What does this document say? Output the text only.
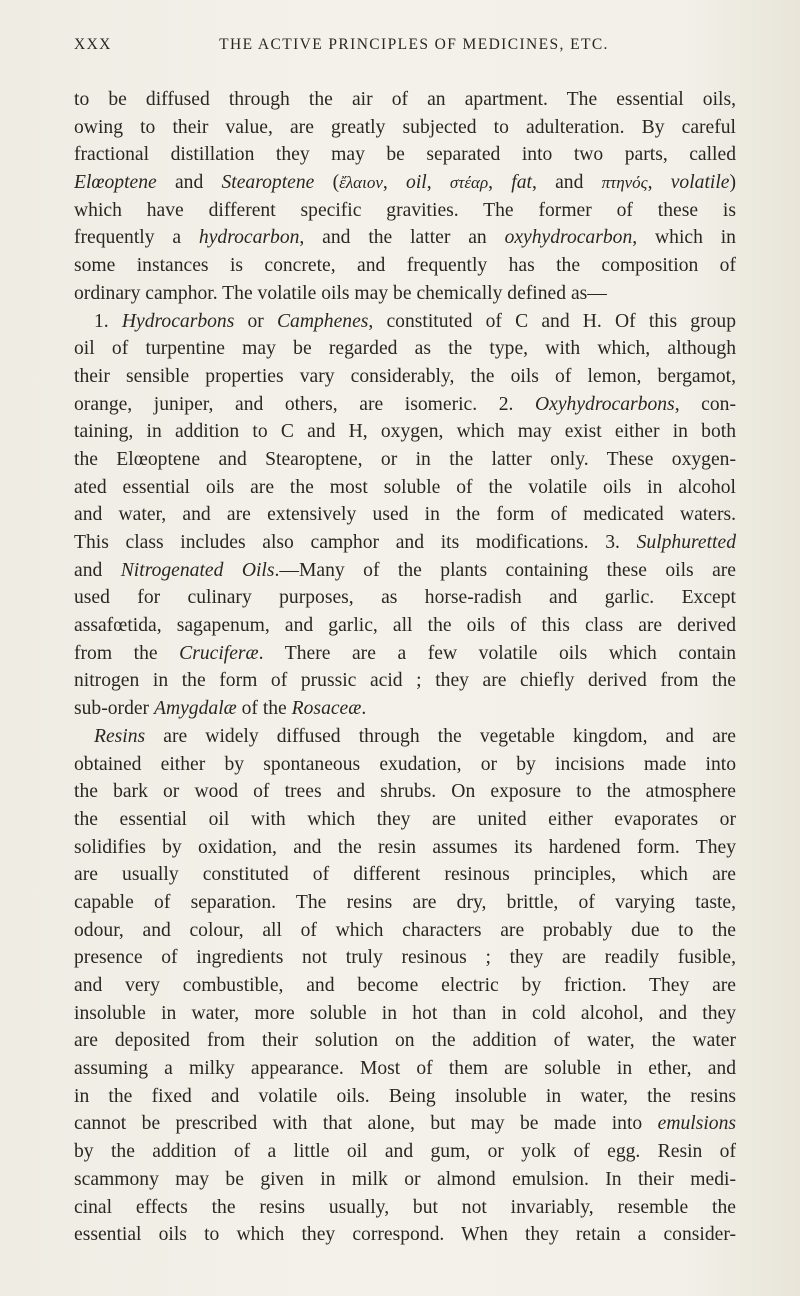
XXX	THE ACTIVE PRINCIPLES OF MEDICINES, ETC.
to be diffused through the air of an apartment. The essential oils,
owing to their value, are greatly subjected to adulteration. By careful
fractional distillation they may be separated into two parts, called
Elœoptene and Stearoptene (ἔλαιον, oil, στέαρ, fat, and πτηνός, volatile)
which have different specific gravities. The former of these is
frequently a hydrocarbon, and the latter an oxyhydrocarbon, which in
some instances is concrete, and frequently has the composition of
ordinary camphor. The volatile oils may be chemically defined as—
1. Hydrocarbons or Camphenes, constituted of C and H. Of this group
oil of turpentine may be regarded as the type, with which, although
their sensible properties vary considerably, the oils of lemon, bergamot,
orange, juniper, and others, are isomeric. 2. Oxyhydrocarbons, con-
taining, in addition to C and H, oxygen, which may exist either in both
the Elœoptene and Stearoptene, or in the latter only. These oxygen-
ated essential oils are the most soluble of the volatile oils in alcohol
and water, and are extensively used in the form of medicated waters.
This class includes also camphor and its modifications. 3. Sulphuretted
and Nitrogenated Oils.—Many of the plants containing these oils are
used for culinary purposes, as horse-radish and garlic. Except
assafœtida, sagapenum, and garlic, all the oils of this class are derived
from the Cruciferæ. There are a few volatile oils which contain
nitrogen in the form of prussic acid ; they are chiefly derived from the
sub-order Amygdalæ of the Rosaceæ.
Resins are widely diffused through the vegetable kingdom, and are
obtained either by spontaneous exudation, or by incisions made into
the bark or wood of trees and shrubs. On exposure to the atmosphere
the essential oil with which they are united either evaporates or
solidifies by oxidation, and the resin assumes its hardened form. They
are usually constituted of different resinous principles, which are
capable of separation. The resins are dry, brittle, of varying taste,
odour, and colour, all of which characters are probably due to the
presence of ingredients not truly resinous ; they are readily fusible,
and very combustible, and become electric by friction. They are
insoluble in water, more soluble in hot than in cold alcohol, and they
are deposited from their solution on the addition of water, the water
assuming a milky appearance. Most of them are soluble in ether, and
in the fixed and volatile oils. Being insoluble in water, the resins
cannot be prescribed with that alone, but may be made into emulsions
by the addition of a little oil and gum, or yolk of egg. Resin of
scammony may be given in milk or almond emulsion. In their medi-
cinal effects the resins usually, but not invariably, resemble the
essential oils to which they correspond. When they retain a consider-
